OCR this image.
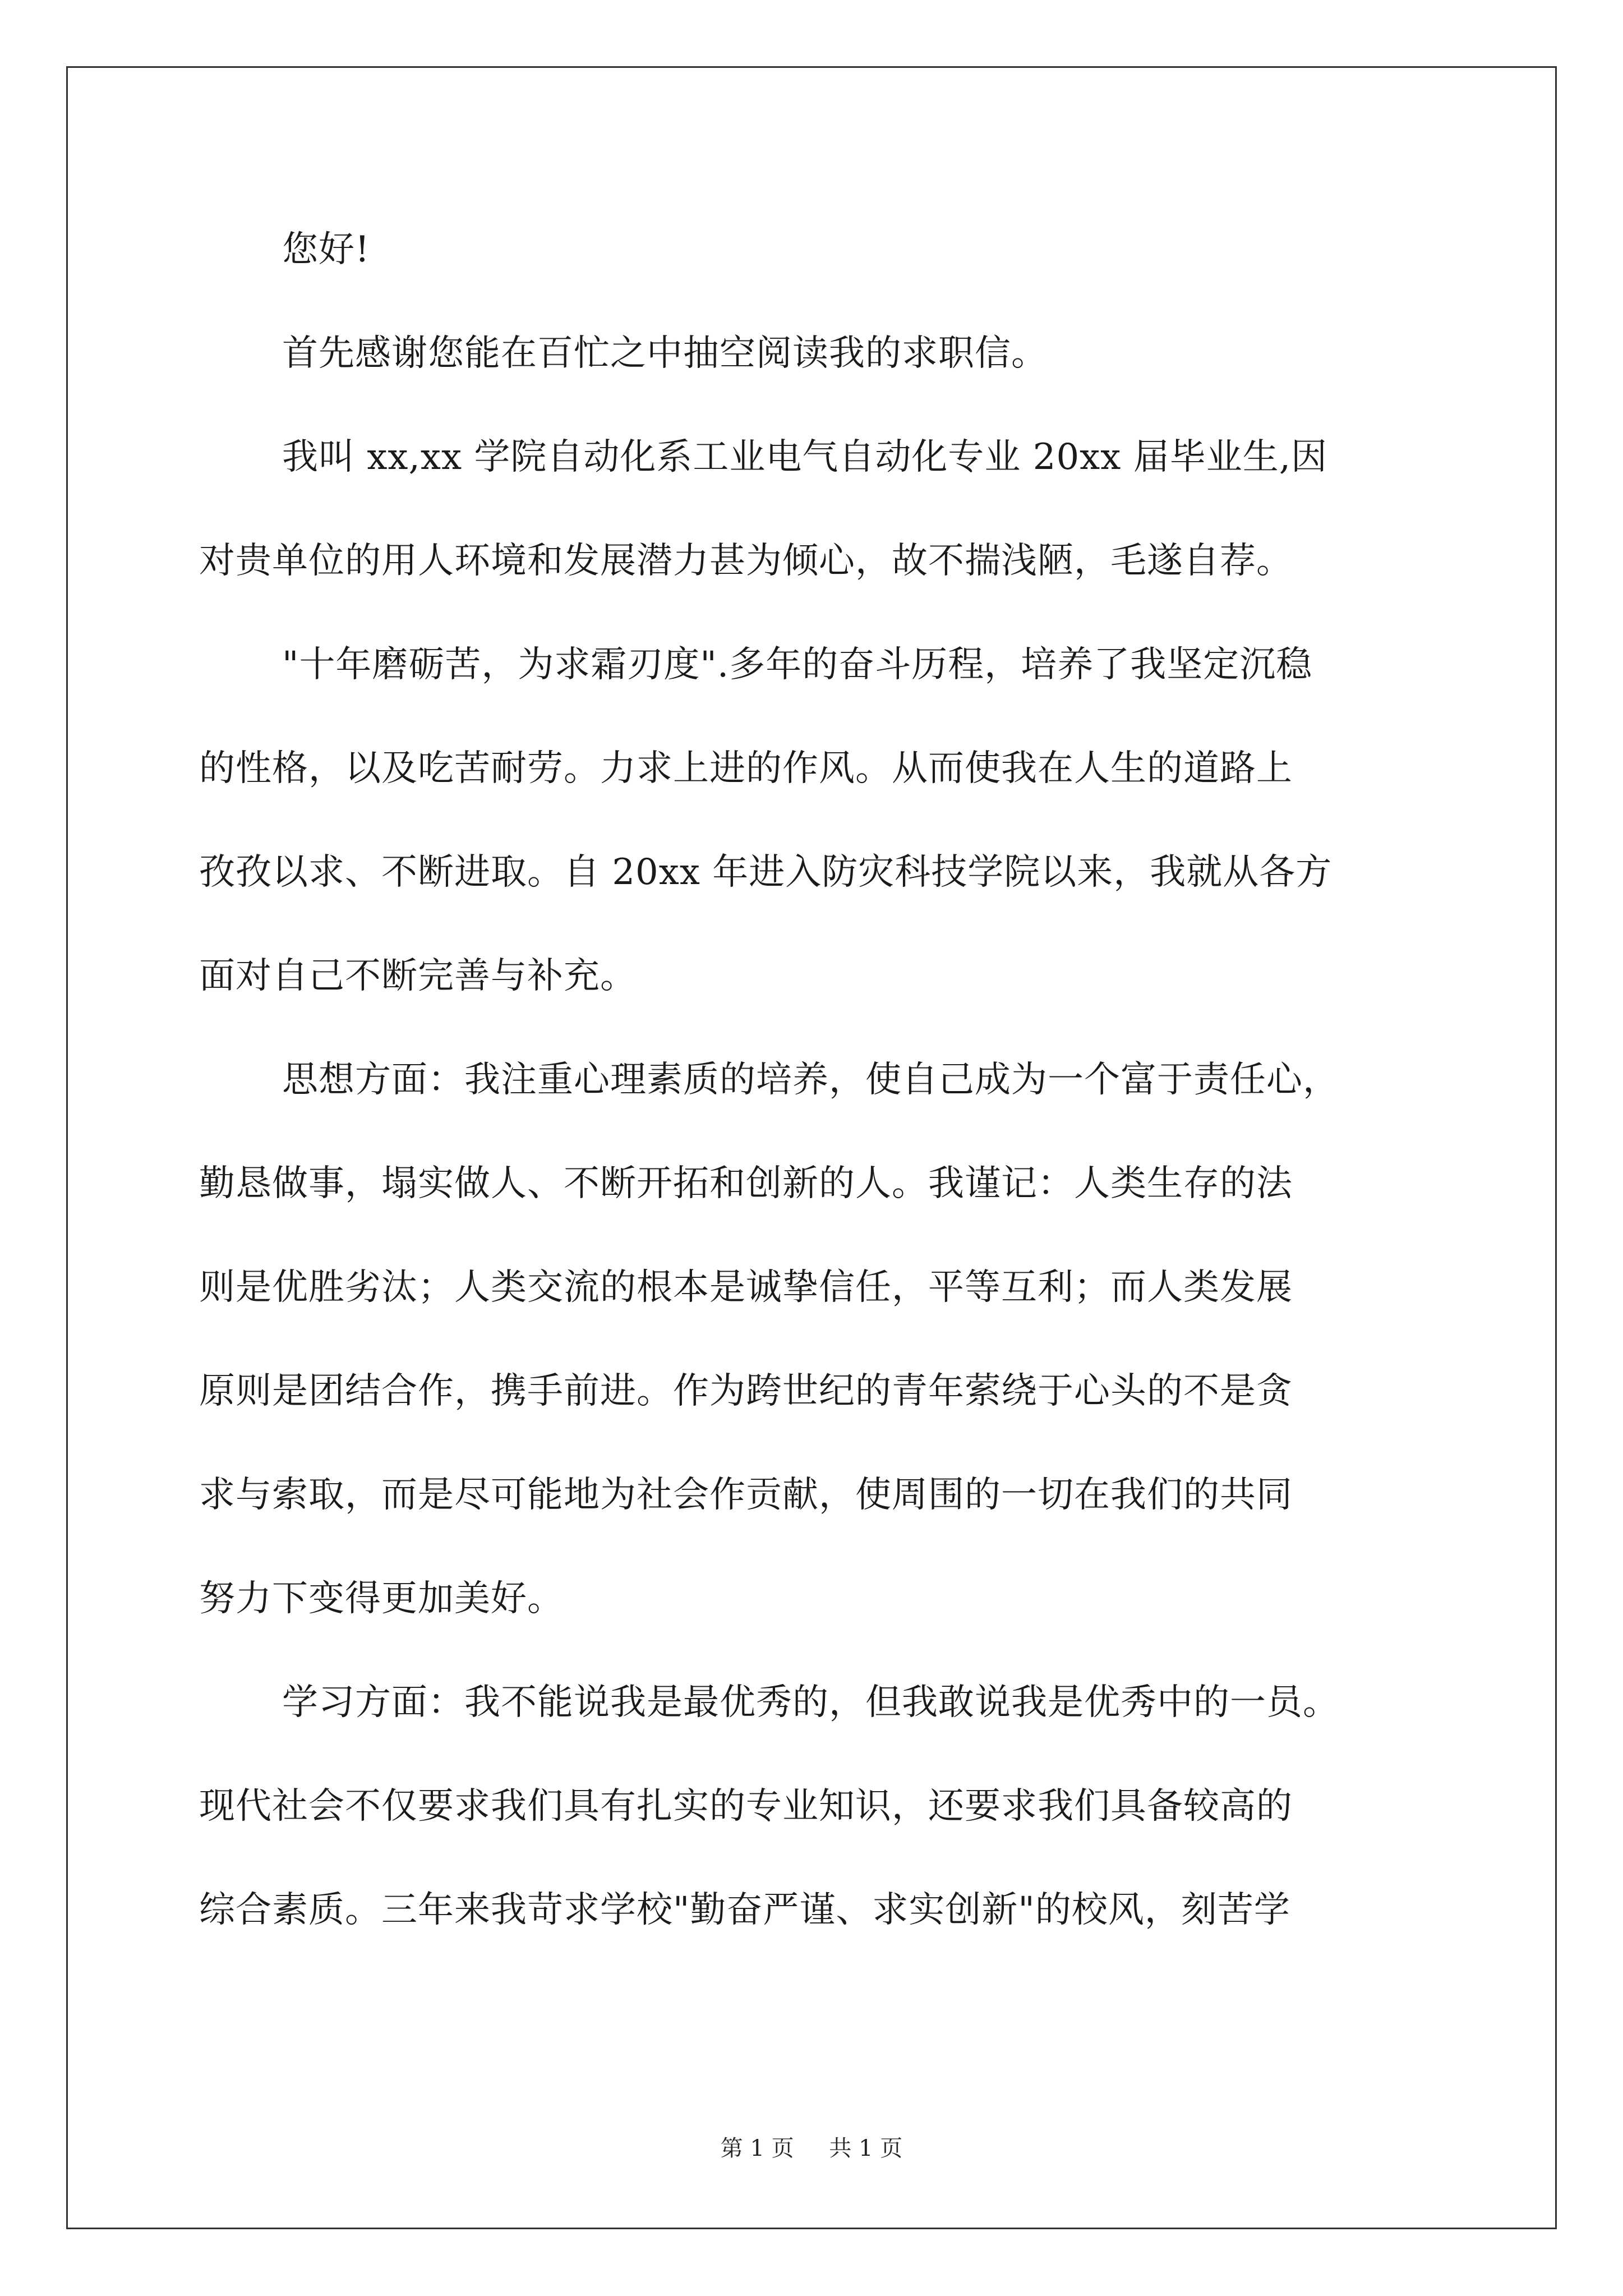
您好!
首先感谢您能在百忙之中抽空阅读我的求职信。
我叫 xx,xx 学院自动化系工业电气自动化专业 20xx 届毕业生,因
对贵单位的用人环境和发展潜力甚为倾心，故不揣浅陋，毛遂自荐。
"十年磨砺苦，为求霜刃度".多年的奋斗历程，培养了我坚定沉稳
的性格，以及吃苦耐劳。力求上进的作风。从而使我在人生的道路上
孜孜以求、不断进取。自 20xx 年进入防灾科技学院以来，我就从各方
面对自己不断完善与补充。
思想方面：我注重心理素质的培养，使自己成为一个富于责任心，
勤恳做事，塌实做人、不断开拓和创新的人。我谨记：人类生存的法
则是优胜劣汰；人类交流的根本是诚挚信任，平等互利；而人类发展
原则是团结合作，携手前进。作为跨世纪的青年萦绕于心头的不是贪
求与索取，而是尽可能地为社会作贡献，使周围的一切在我们的共同
努力下变得更加美好。
学习方面：我不能说我是最优秀的，但我敢说我是优秀中的一员。
现代社会不仅要求我们具有扎实的专业知识，还要求我们具备较高的
综合素质。三年来我苛求学校"勤奋严谨、求实创新"的校风，刻苦学
第 1 页 共 1 页
